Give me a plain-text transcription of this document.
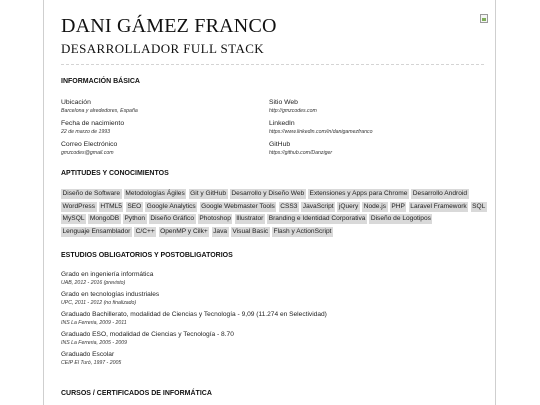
DANI GÁMEZ FRANCO
DESARROLLADOR FULL STACK
INFORMACIÓN BÁSICA
Ubicación
Barcelona y alrededores, España
Fecha de nacimiento
22 de marzo de 1993
Correo Electrónico
gmzcodes@gmail.com
Sitio Web
http://gmzcodes.com
LinkedIn
https://www.linkedin.com/in/danigamezfranco
GitHub
https://github.com/Danziger
APTITUDES Y CONOCIMIENTOS
Diseño de Software Metodologías Ágiles Git y GitHub Desarrollo y Diseño Web Extensiones y Apps para Chrome Desarrollo Android WordPress HTML5 SEO Google Analytics Google Webmaster Tools CSS3 JavaScript jQuery Node.js PHP Laravel Framework SQL MySQL MongoDB Python Diseño Gráfico Photoshop Illustrator Branding e Identidad Corporativa Diseño de Logotipos Lenguaje Ensamblador C/C++ OpenMP y Cilk+ Java Visual Basic Flash y ActionScript
ESTUDIOS OBLIGATORIOS Y POSTOBLIGATORIOS
Grado en ingeniería informática
UAB, 2012 - 2016 (previsto)
Grado en tecnologías industriales
UPC, 2011 - 2012 (no finalizado)
Graduado Bachillerato, modalidad de Ciencias y Tecnología - 9,09 (11.274 en Selectividad)
INS La Ferreria, 2009 - 2011
Graduado ESO, modalidad de Ciencias y Tecnología - 8.70
INS La Ferreria, 2005 - 2009
Graduado Escolar
CEIP El Turó, 1997 - 2005
CURSOS / CERTIFICADOS DE INFORMÁTICA
